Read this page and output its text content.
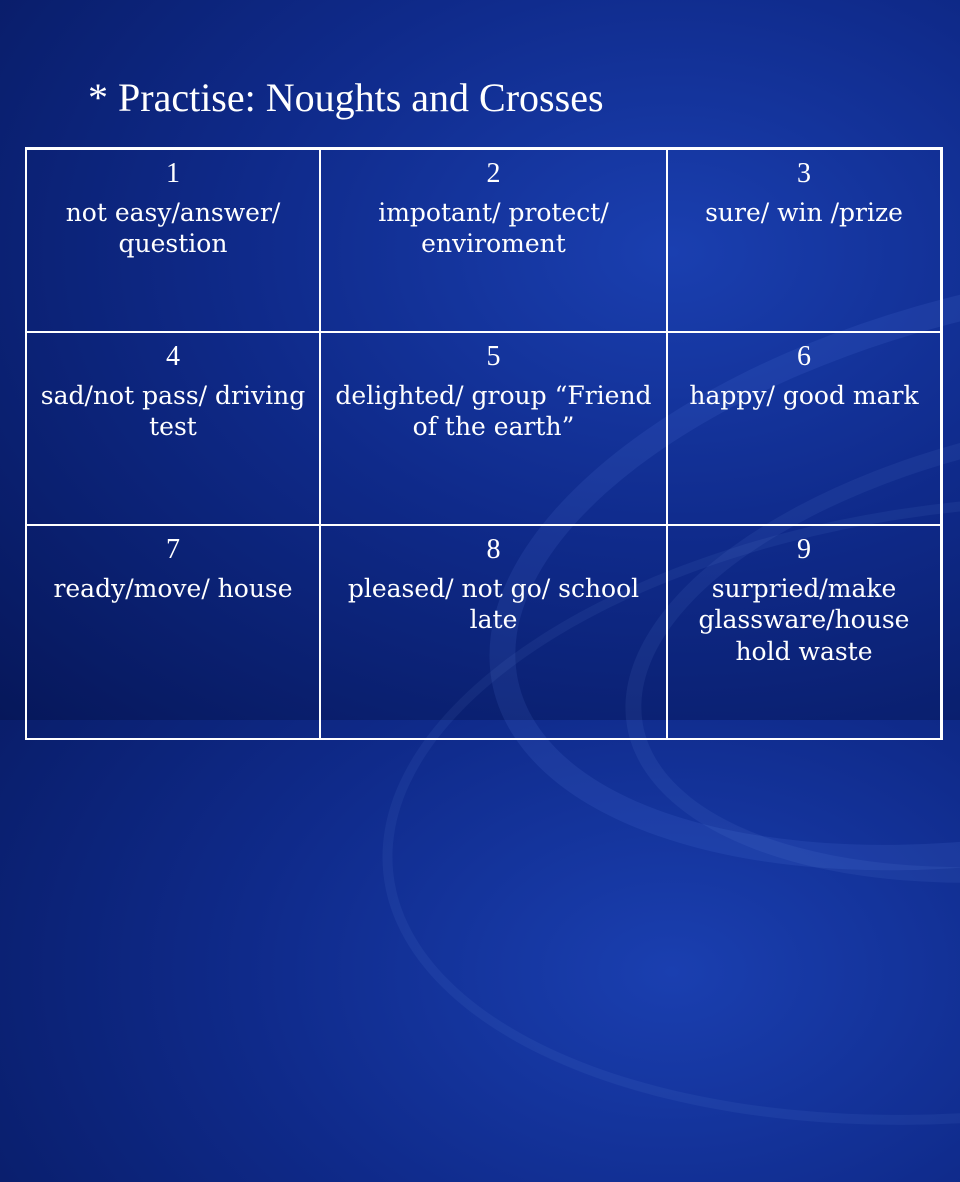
* Practise: Noughts and Crosses
1
not easy/answer/ question
2
impotant/ protect/ enviroment
3
sure/ win /prize
4
sad/not pass/ driving test
5
delighted/ group “Friend of the earth”
6
happy/ good mark
7
ready/move/ house
8
pleased/ not go/ school late
9
surpried/make glassware/house hold waste
